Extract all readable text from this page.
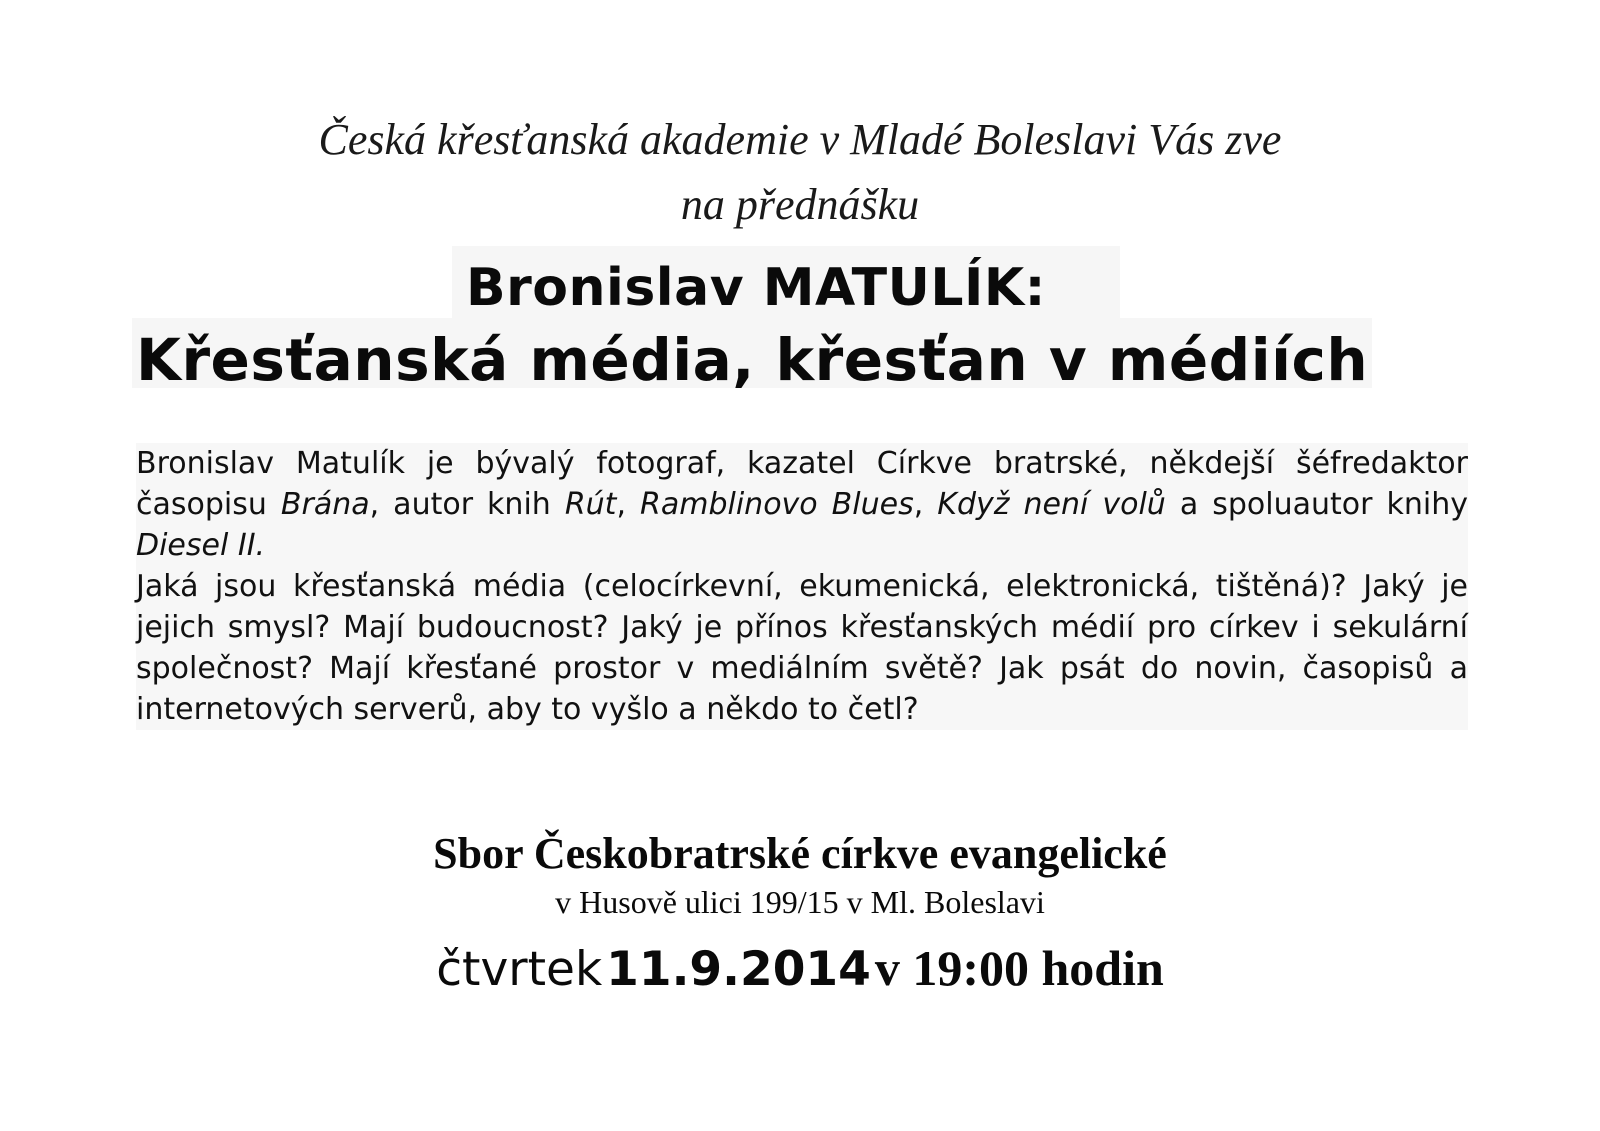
Česká křesťanská akademie v Mladé Boleslavi Vás zve
na přednášku
Bronislav MATULÍK:
Křesťanská média, křesťan v médiích

Bronislav Matulík je bývalý fotograf, kazatel Církve bratrské, někdejší šéfredaktor časopisu Brána, autor knih Rút, Ramblinovo Blues, Když není volů a spoluautor knihy Diesel II.

Jaká jsou křesťanská média (celocírkevní, ekumenická, elektronická, tištěná)? Jaký je jejich smysl? Mají budoucnost? Jaký je přínos křesťanských médií pro církev i sekulární společnost? Mají křesťané prostor v mediálním světě? Jak psát do novin, časopisů a internetových serverů, aby to vyšlo a někdo to četl?

Sbor Českobratrské církve evangelické
v Husově ulici 199/15 v Ml. Boleslavi
čtvrtek 11.9.2014 v 19:00 hodin
